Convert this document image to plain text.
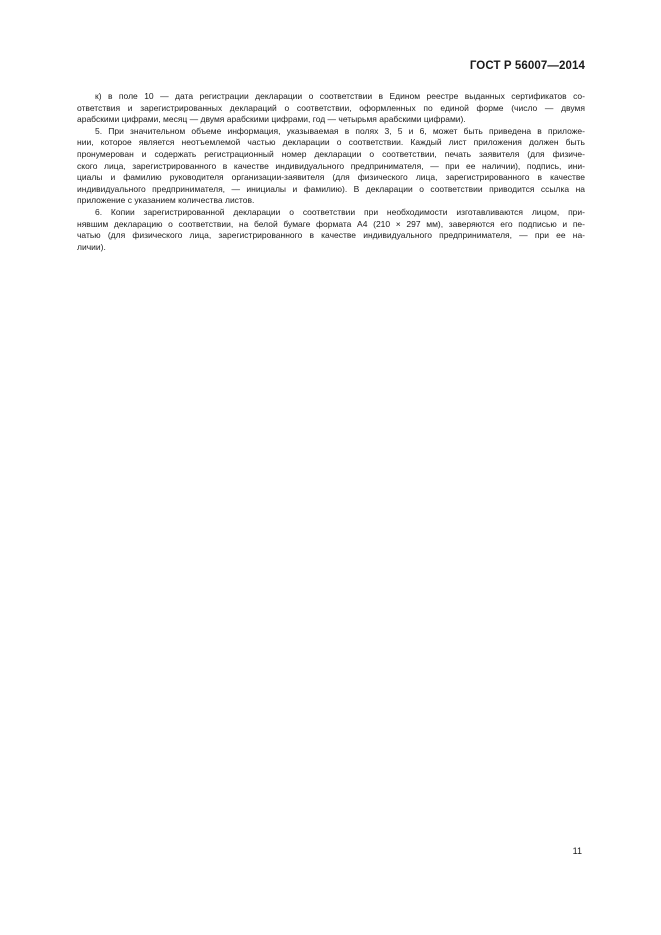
ГОСТ Р 56007—2014

к) в поле 10 — дата регистрации декларации о соответствии в Едином реестре выданных сертификатов со-
ответствия и зарегистрированных деклараций о соответствии, оформленных по единой форме (число — двумя
арабскими цифрами, месяц — двумя арабскими цифрами, год — четырьмя арабскими цифрами).

5. При значительном объеме информация, указываемая в полях 3, 5 и 6, может быть приведена в приложе-
нии, которое является неотъемлемой частью декларации о соответствии. Каждый лист приложения должен быть
пронумерован и содержать регистрационный номер декларации о соответствии, печать заявителя (для физиче-
ского лица, зарегистрированного в качестве индивидуального предпринимателя, — при ее наличии), подпись, ини-
циалы и фамилию руководителя организации-заявителя (для физического лица, зарегистрированного в качестве
индивидуального предпринимателя, — инициалы и фамилию). В декларации о соответствии приводится ссылка на
приложение с указанием количества листов.

6. Копии зарегистрированной декларации о соответствии при необходимости изготавливаются лицом, при-
нявшим декларацию о соответствии, на белой бумаге формата А4 (210 × 297 мм), заверяются его подписью и пе-
чатью (для физического лица, зарегистрированного в качестве индивидуального предпринимателя, — при ее на-
личии).

11
